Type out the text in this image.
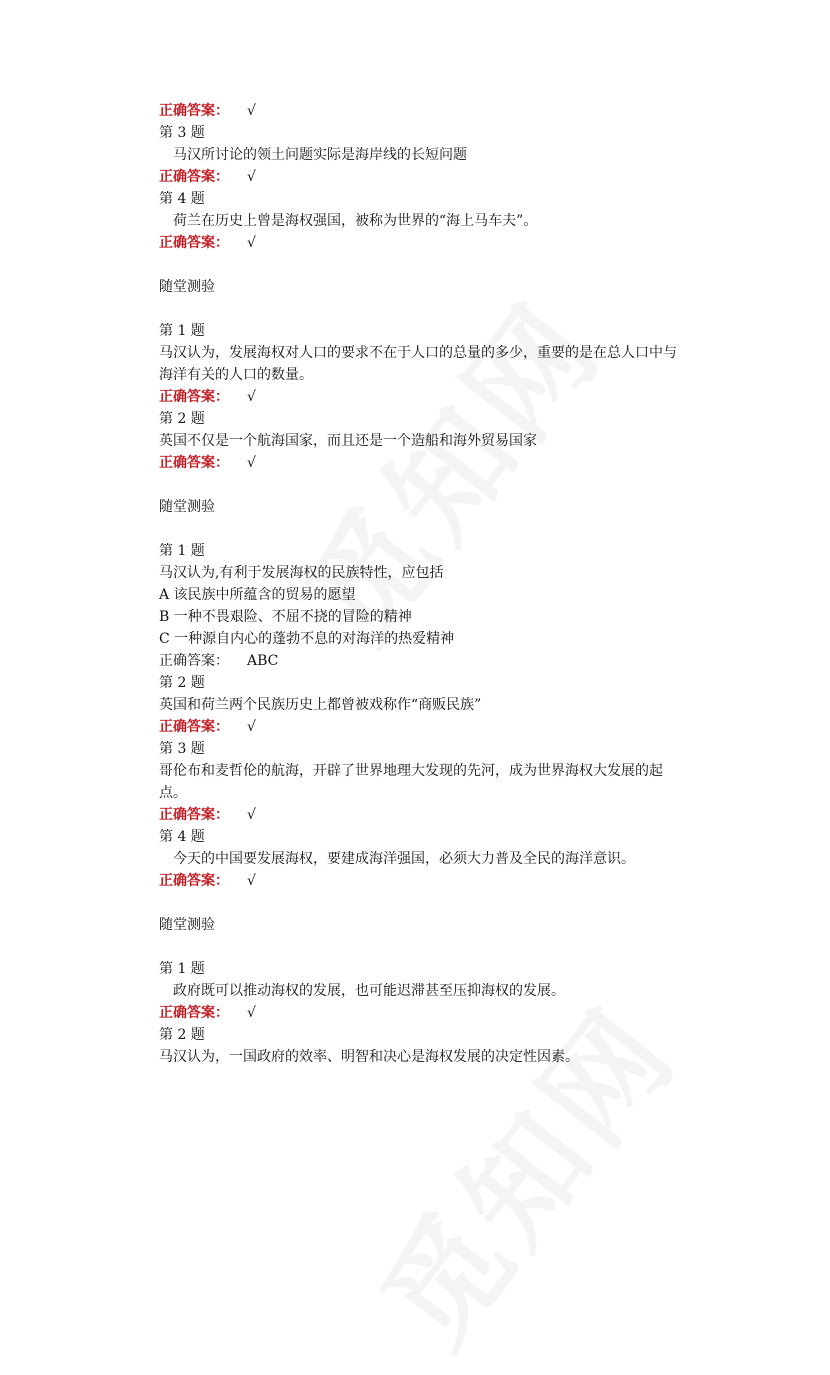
正确答案： √
第 3 题
马汉所讨论的领土问题实际是海岸线的长短问题
正确答案： √
第 4 题
荷兰在历史上曾是海权强国，被称为世界的“海上马车夫”。
正确答案： √
随堂测验
第 1 题
马汉认为，发展海权对人口的要求不在于人口的总量的多少，重要的是在总人口中与海洋有关的人口的数量。
正确答案： √
第 2 题
英国不仅是一个航海国家，而且还是一个造船和海外贸易国家
正确答案： √
随堂测验
第 1 题
马汉认为,有利于发展海权的民族特性，应包括
A 该民族中所蕴含的贸易的愿望
B 一种不畏艰险、不屈不挠的冒险的精神
C 一种源自内心的蓬勃不息的对海洋的热爱精神
正确答案： ABC
第 2 题
英国和荷兰两个民族历史上都曾被戏称作“商贩民族”
正确答案： √
第 3 题
哥伦布和麦哲伦的航海，开辟了世界地理大发现的先河，成为世界海权大发展的起点。
正确答案： √
第 4 题
今天的中国要发展海权，要建成海洋强国，必须大力普及全民的海洋意识。
正确答案： √
随堂测验
第 1 题
政府既可以推动海权的发展，也可能迟滞甚至压抑海权的发展。
正确答案： √
第 2 题
马汉认为，一国政府的效率、明智和决心是海权发展的决定性因素。
